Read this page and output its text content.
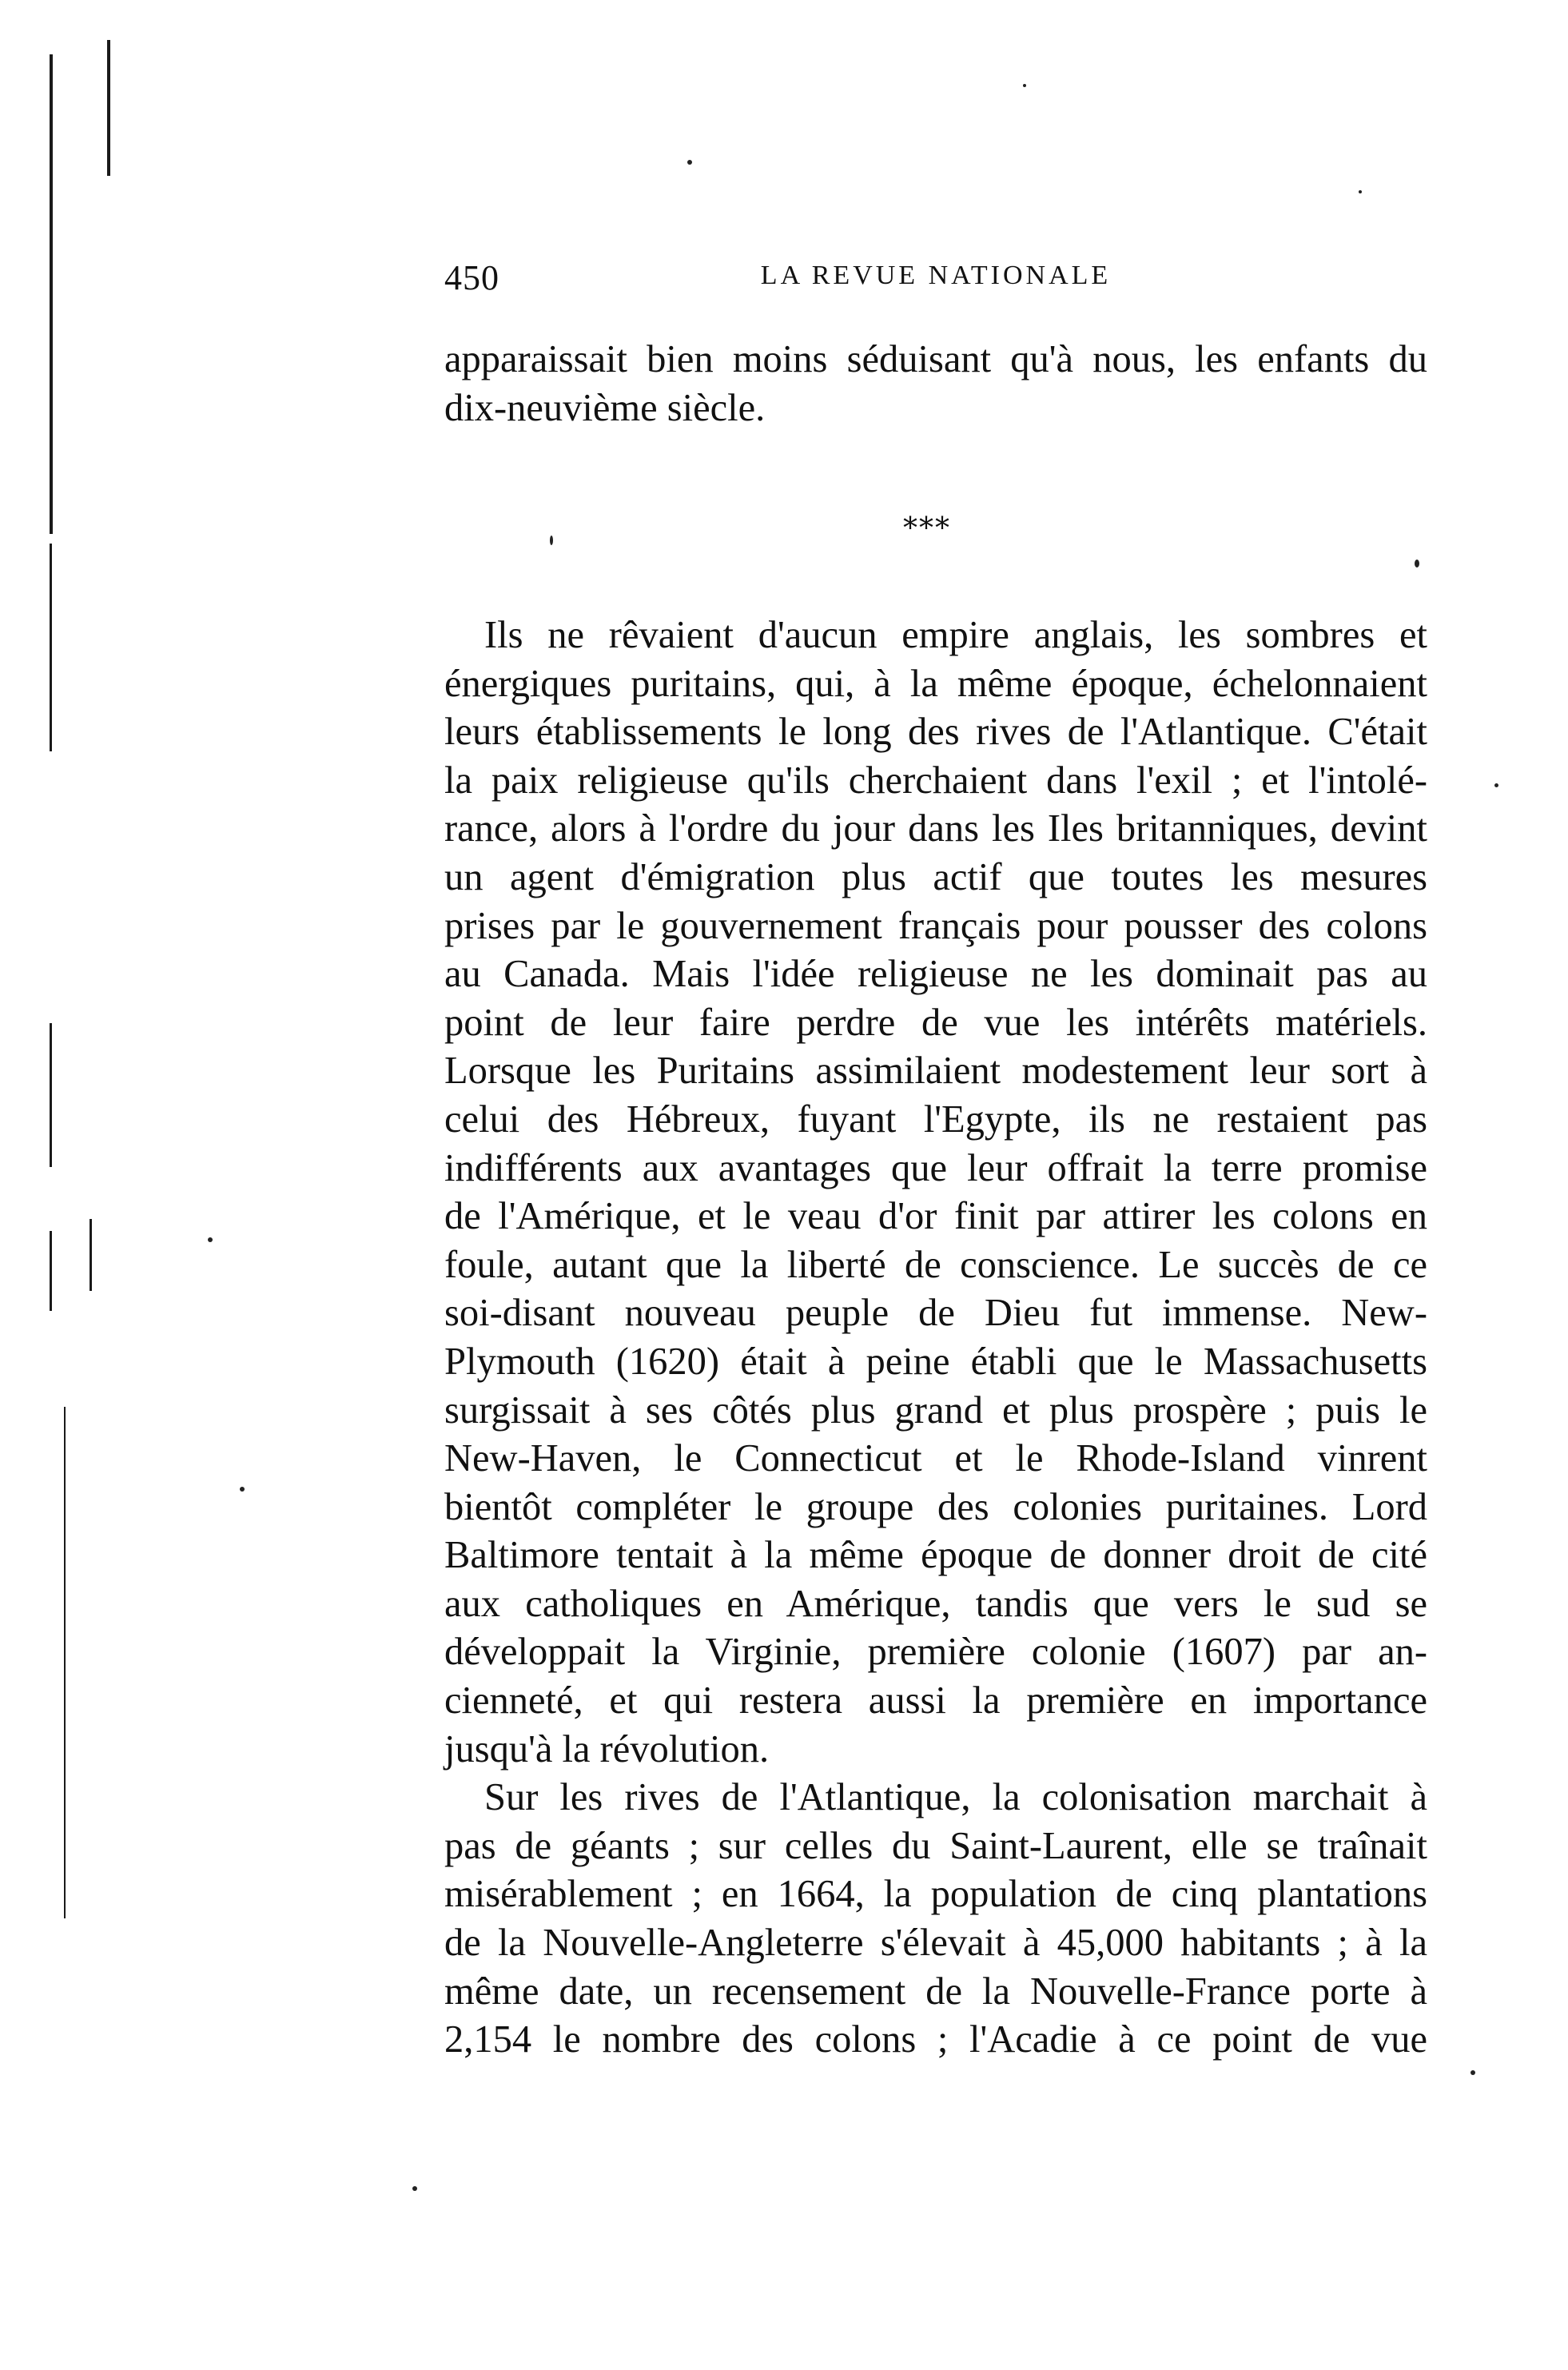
450	LA REVUE NATIONALE
apparaissait bien moins séduisant qu'à nous, les enfants du
dix-neuvième siècle.
⁎⁎⁎
Ils ne rêvaient d'aucun empire anglais, les sombres et
énergiques puritains, qui, à la même époque, échelonnaient
leurs établissements le long des rives de l'Atlantique. C'était
la paix religieuse qu'ils cherchaient dans l'exil ; et l'intolé-
rance, alors à l'ordre du jour dans les Iles britanniques, devint
un agent d'émigration plus actif que toutes les mesures
prises par le gouvernement français pour pousser des colons
au Canada. Mais l'idée religieuse ne les dominait pas au
point de leur faire perdre de vue les intérêts matériels.
Lorsque les Puritains assimilaient modestement leur sort à
celui des Hébreux, fuyant l'Egypte, ils ne restaient pas
indifférents aux avantages que leur offrait la terre promise
de l'Amérique, et le veau d'or finit par attirer les colons en
foule, autant que la liberté de conscience. Le succès de ce
soi-disant nouveau peuple de Dieu fut immense. New-
Plymouth (1620) était à peine établi que le Massachusetts
surgissait à ses côtés plus grand et plus prospère ; puis le
New-Haven, le Connecticut et le Rhode-Island vinrent
bientôt compléter le groupe des colonies puritaines. Lord
Baltimore tentait à la même époque de donner droit de cité
aux catholiques en Amérique, tandis que vers le sud se
développait la Virginie, première colonie (1607) par an-
cienneté, et qui restera aussi la première en importance
jusqu'à la révolution.
Sur les rives de l'Atlantique, la colonisation marchait à
pas de géants ; sur celles du Saint-Laurent, elle se traînait
misérablement ; en 1664, la population de cinq plantations
de la Nouvelle-Angleterre s'élevait à 45,000 habitants ; à la
même date, un recensement de la Nouvelle-France porte à
2,154 le nombre des colons ; l'Acadie à ce point de vue
